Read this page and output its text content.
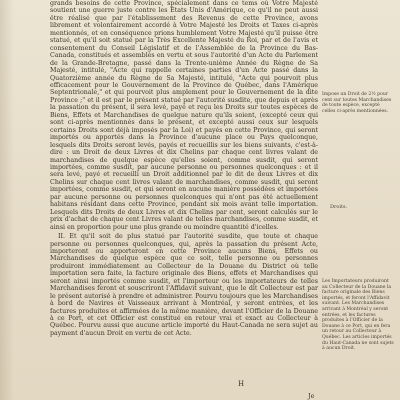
grands besoins de cette Province, spécialement dans ce tems où Votre Majesté soutient une guerre juste contre les États Unis d'Amérique, ce qu'il ne peut aussi être réalisé que par l'établissement des Revenus de cette Province, avons librement et volontairement accordé à Votre Majesté les Droits et Taxes ci-après mentionnés, et en conséquence prions humblement Votre Majesté qu'il puisse être statué, et qu'il soit statué par la Très Excellente Majesté du Roi, par et de l'avis et consentement du Conseil Législatif et de l'Assemblée de la Province du Bas-Canada, constitués et assemblés en vertu et sous l'autorité d'un Acte du Parlement de la Grande-Bretagne, passé dans la Trente-unième Année du Règne de Sa Majesté, intitulé, "Acte qui rappelle certaines parties d'un Acte passé dans la Quatorzième année du Règne de Sa Majesté, intitulé, "Acte qui pourvoit plus efficacement pour le Gouvernement de la Province de Québec, dans l'Amérique Septentrionale," et qui pourvoit plus amplement pour le Gouvernement de la dite Province ;" et il est par le présent statué par l'autorité susdite, que depuis et après la passation du présent, il sera levé, payé et reçu les Droits sur toutes espèces de Biens, Effets et Marchandises de quelque nature qu'ils soient, (excepté ceux qui sont ci-après mentionnés dans le présent, et excepté aussi ceux sur lesquels certains Droits sont déjà imposés par la Loi) et payés en cette Province, qui seront importés ou apportés dans la Province d'aucune place ou Pays quelconque, lesquels dits Droits seront levés, payés et recueillis sur les biens suivants, c'est-à-dire : un Droit de deux Livres et dix Chelins par chaque cent livres valant de marchandises de quelque espèce qu'elles soient, comme susdit, qui seront importées, comme susdit, par aucune personne ou personnes quelconques : et il sera levé, payé et recueilli un Droit additionnel par le dit de deux Livres et dix Chelins sur chaque cent livres valant de marchandises, comme susdit, qui seront importées, comme susdit, et qui seront en aucune manière possédées et importées par aucune personne ou personnes quelconques qui n'ont pas été actuellement habitans résidant dans cette Province, pendant six mois avant telle importation. Lesquels dits Droits de deux Livres et dix Chelins par cent, seront calculés sur le prix d'achat de chaque cent Livres valant de telles marchandises, comme susdit, et ainsi en proportion pour une plus grande ou moindre quantité d'icelles.

II. Et qu'il soit de plus statué par l'autorité susdite, que toute et chaque personne ou personnes quelconques, qui, après la passation du présent Acte, importeront ou apporteront en cette Province aucuns Biens, Effets ou Marchandises de quelque espèce que ce soit, telle personne ou personnes produiront immédiatement au Collecteur de la Douane du District où telle importation sera faite, la facture originale des Biens, effets et Marchandises qui seront ainsi importés comme susdit, et l'importeur ou les importateurs de telles Marchandises feront et souscriront l'Affidavit suivant, que le dit Collecteur est par le présent autorisé à prendre et administrer. Pourvu toujours que les Marchandises à bord de Navires et Vaisseaux arrivant à Montréal, y seront entrées, et les factures produites et affirmées de la même manière, devant l'Officier de la Douane à ce Port, et cet Officier est constitué en retour vrai et exact au Collecteur à Québec. Pourvu aussi que aucune article importé du Haut-Canada ne sera sujet au payment d'aucun Droit en vertu de cet Acte.

Impose un Droit de 2½ pour cent sur toutes Marchandises de toute espèce, excepté celles ci-après mentionnées.
Droits.
Les Importateurs produiront au Collecteur de la Douane la facture originale des Biens importés, et feront l'Affidavit suivant. Les Marchandises arrivant à Montréal y seront entrées, et les factures produites à l'Officier de la Douane à ce Port, qui en fera un retour au Collecteur à Québec. Les articles importés du Haut-Canada ne sont sujets à aucun Droit.
H
Je
